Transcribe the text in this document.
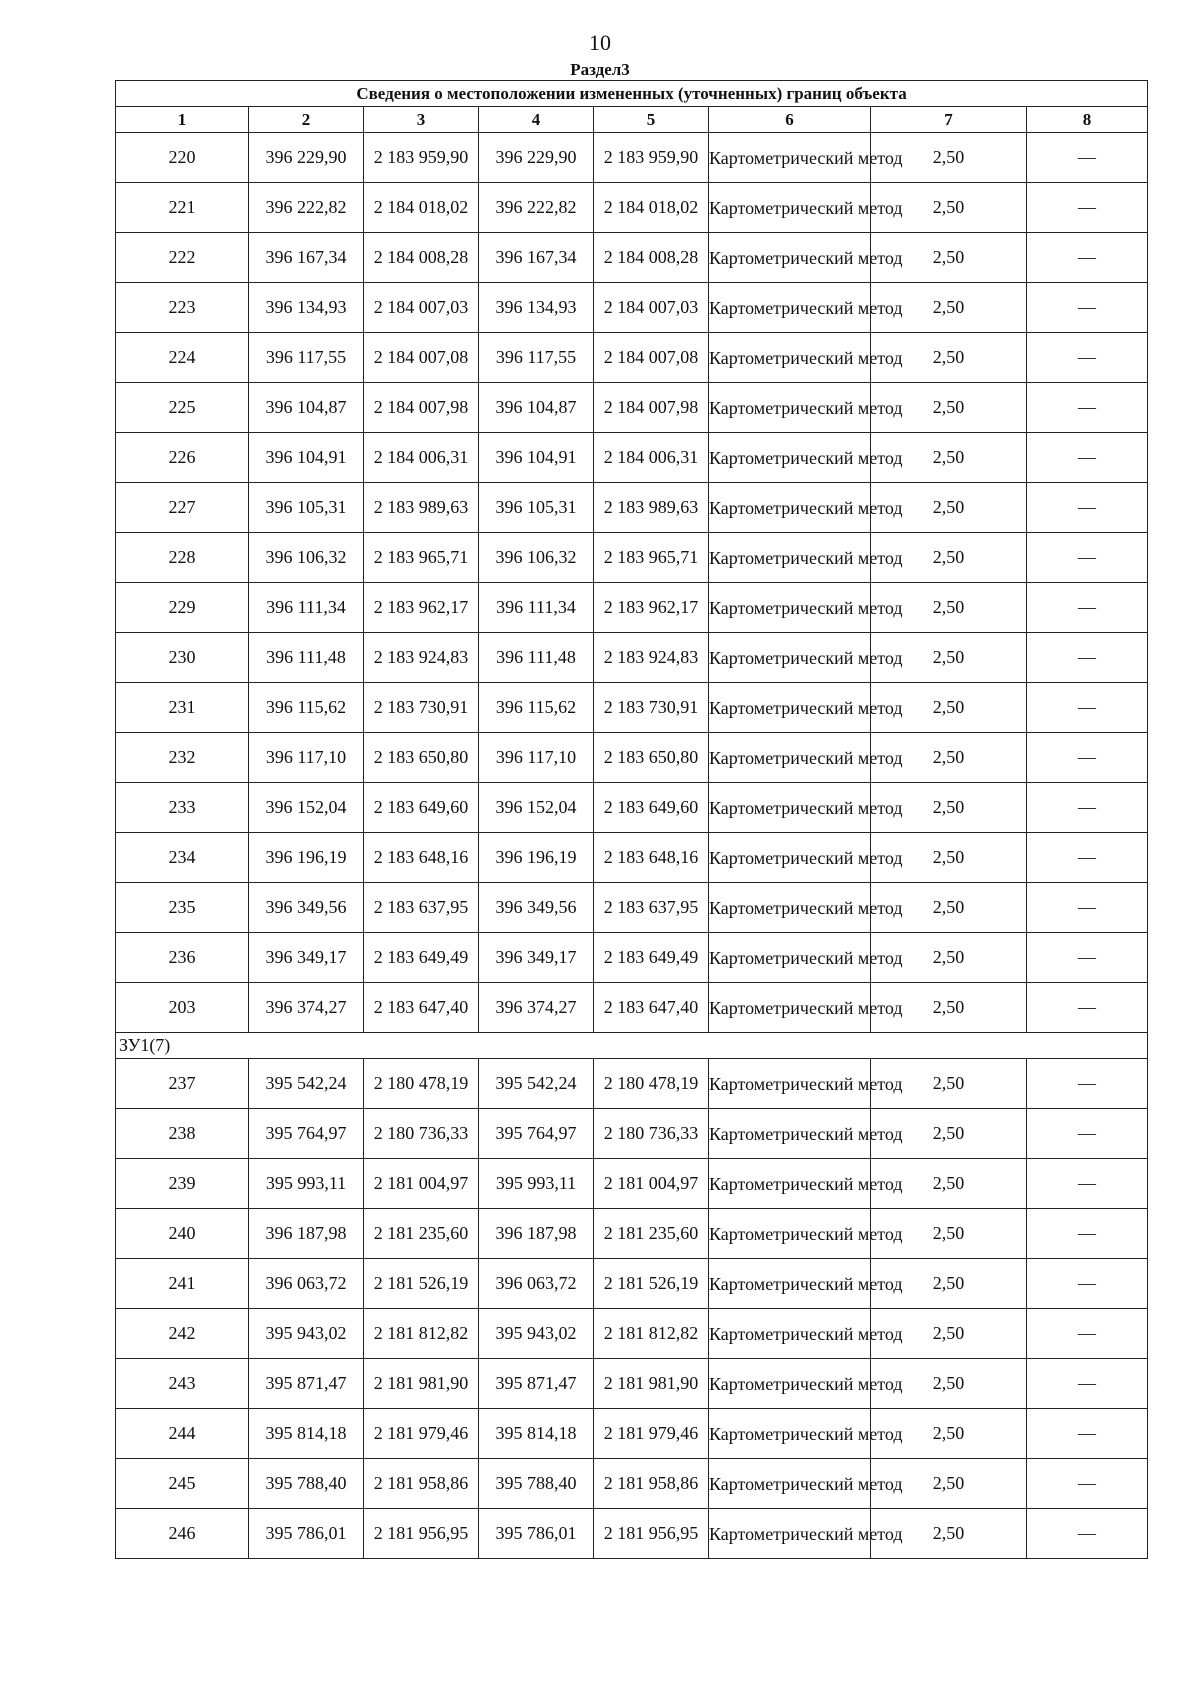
10
Раздел3
Сведения о местоположении измененных (уточненных) границ объекта							
1	2	3	4	5	6	7	8
220	396 229,90	2 183 959,90	396 229,90	2 183 959,90	Картометрический метод	2,50	—
221	396 222,82	2 184 018,02	396 222,82	2 184 018,02	Картометрический метод	2,50	—
222	396 167,34	2 184 008,28	396 167,34	2 184 008,28	Картометрический метод	2,50	—
223	396 134,93	2 184 007,03	396 134,93	2 184 007,03	Картометрический метод	2,50	—
224	396 117,55	2 184 007,08	396 117,55	2 184 007,08	Картометрический метод	2,50	—
225	396 104,87	2 184 007,98	396 104,87	2 184 007,98	Картометрический метод	2,50	—
226	396 104,91	2 184 006,31	396 104,91	2 184 006,31	Картометрический метод	2,50	—
227	396 105,31	2 183 989,63	396 105,31	2 183 989,63	Картометрический метод	2,50	—
228	396 106,32	2 183 965,71	396 106,32	2 183 965,71	Картометрический метод	2,50	—
229	396 111,34	2 183 962,17	396 111,34	2 183 962,17	Картометрический метод	2,50	—
230	396 111,48	2 183 924,83	396 111,48	2 183 924,83	Картометрический метод	2,50	—
231	396 115,62	2 183 730,91	396 115,62	2 183 730,91	Картометрический метод	2,50	—
232	396 117,10	2 183 650,80	396 117,10	2 183 650,80	Картометрический метод	2,50	—
233	396 152,04	2 183 649,60	396 152,04	2 183 649,60	Картометрический метод	2,50	—
234	396 196,19	2 183 648,16	396 196,19	2 183 648,16	Картометрический метод	2,50	—
235	396 349,56	2 183 637,95	396 349,56	2 183 637,95	Картометрический метод	2,50	—
236	396 349,17	2 183 649,49	396 349,17	2 183 649,49	Картометрический метод	2,50	—
203	396 374,27	2 183 647,40	396 374,27	2 183 647,40	Картометрический метод	2,50	—
ЗУ1(7)							
237	395 542,24	2 180 478,19	395 542,24	2 180 478,19	Картометрический метод	2,50	—
238	395 764,97	2 180 736,33	395 764,97	2 180 736,33	Картометрический метод	2,50	—
239	395 993,11	2 181 004,97	395 993,11	2 181 004,97	Картометрический метод	2,50	—
240	396 187,98	2 181 235,60	396 187,98	2 181 235,60	Картометрический метод	2,50	—
241	396 063,72	2 181 526,19	396 063,72	2 181 526,19	Картометрический метод	2,50	—
242	395 943,02	2 181 812,82	395 943,02	2 181 812,82	Картометрический метод	2,50	—
243	395 871,47	2 181 981,90	395 871,47	2 181 981,90	Картометрический метод	2,50	—
244	395 814,18	2 181 979,46	395 814,18	2 181 979,46	Картометрический метод	2,50	—
245	395 788,40	2 181 958,86	395 788,40	2 181 958,86	Картометрический метод	2,50	—
246	395 786,01	2 181 956,95	395 786,01	2 181 956,95	Картометрический метод	2,50	—
